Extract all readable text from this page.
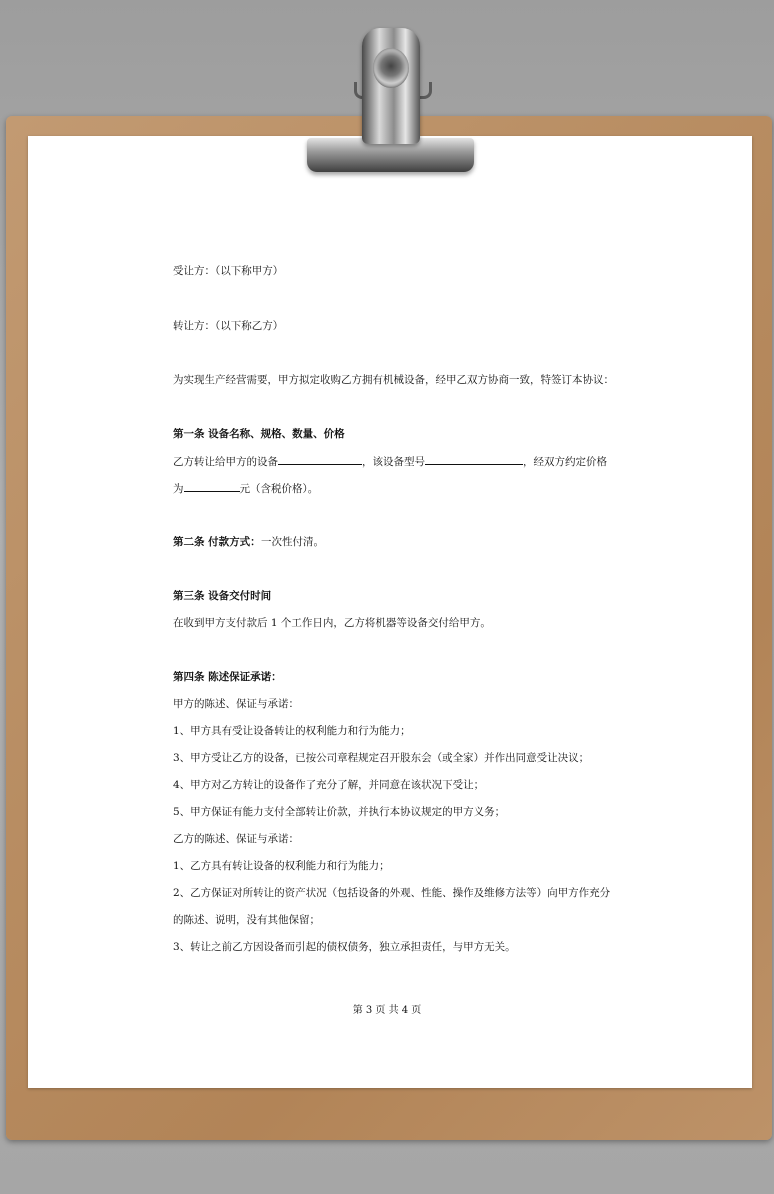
受让方：（以下称甲方）
转让方：（以下称乙方）
为实现生产经营需要，甲方拟定收购乙方拥有机械设备，经甲乙双方协商一致，特签订本协议：
第一条 设备名称、规格、数量、价格
第二条 付款方式：
第三条 设备交付时间
在收到甲方支付款后 1 个工作日内，乙方将机器等设备交付给甲方。
第四条 陈述保证承诺：
甲方的陈述、保证与承诺：
1、甲方具有受让设备转让的权利能力和行为能力；
3、甲方受让乙方的设备，已按公司章程规定召开股东会（或全家）并作出同意受让决议；
4、甲方对乙方转让的设备作了充分了解，并同意在该状况下受让；
5、甲方保证有能力支付全部转让价款，并执行本协议规定的甲方义务；
乙方的陈述、保证与承诺：
1、乙方具有转让设备的权利能力和行为能力；
2、乙方保证对所转让的资产状况（包括设备的外观、性能、操作及维修方法等）向甲方作充分
的陈述、说明，没有其他保留；
3、转让之前乙方因设备而引起的债权债务，独立承担责任，与甲方无关。
乙方转让给甲方的设备	，该设备型号	，经双方约定价格
为	元（含税价格）。
一次性付清。
第 3 页 共 4 页
